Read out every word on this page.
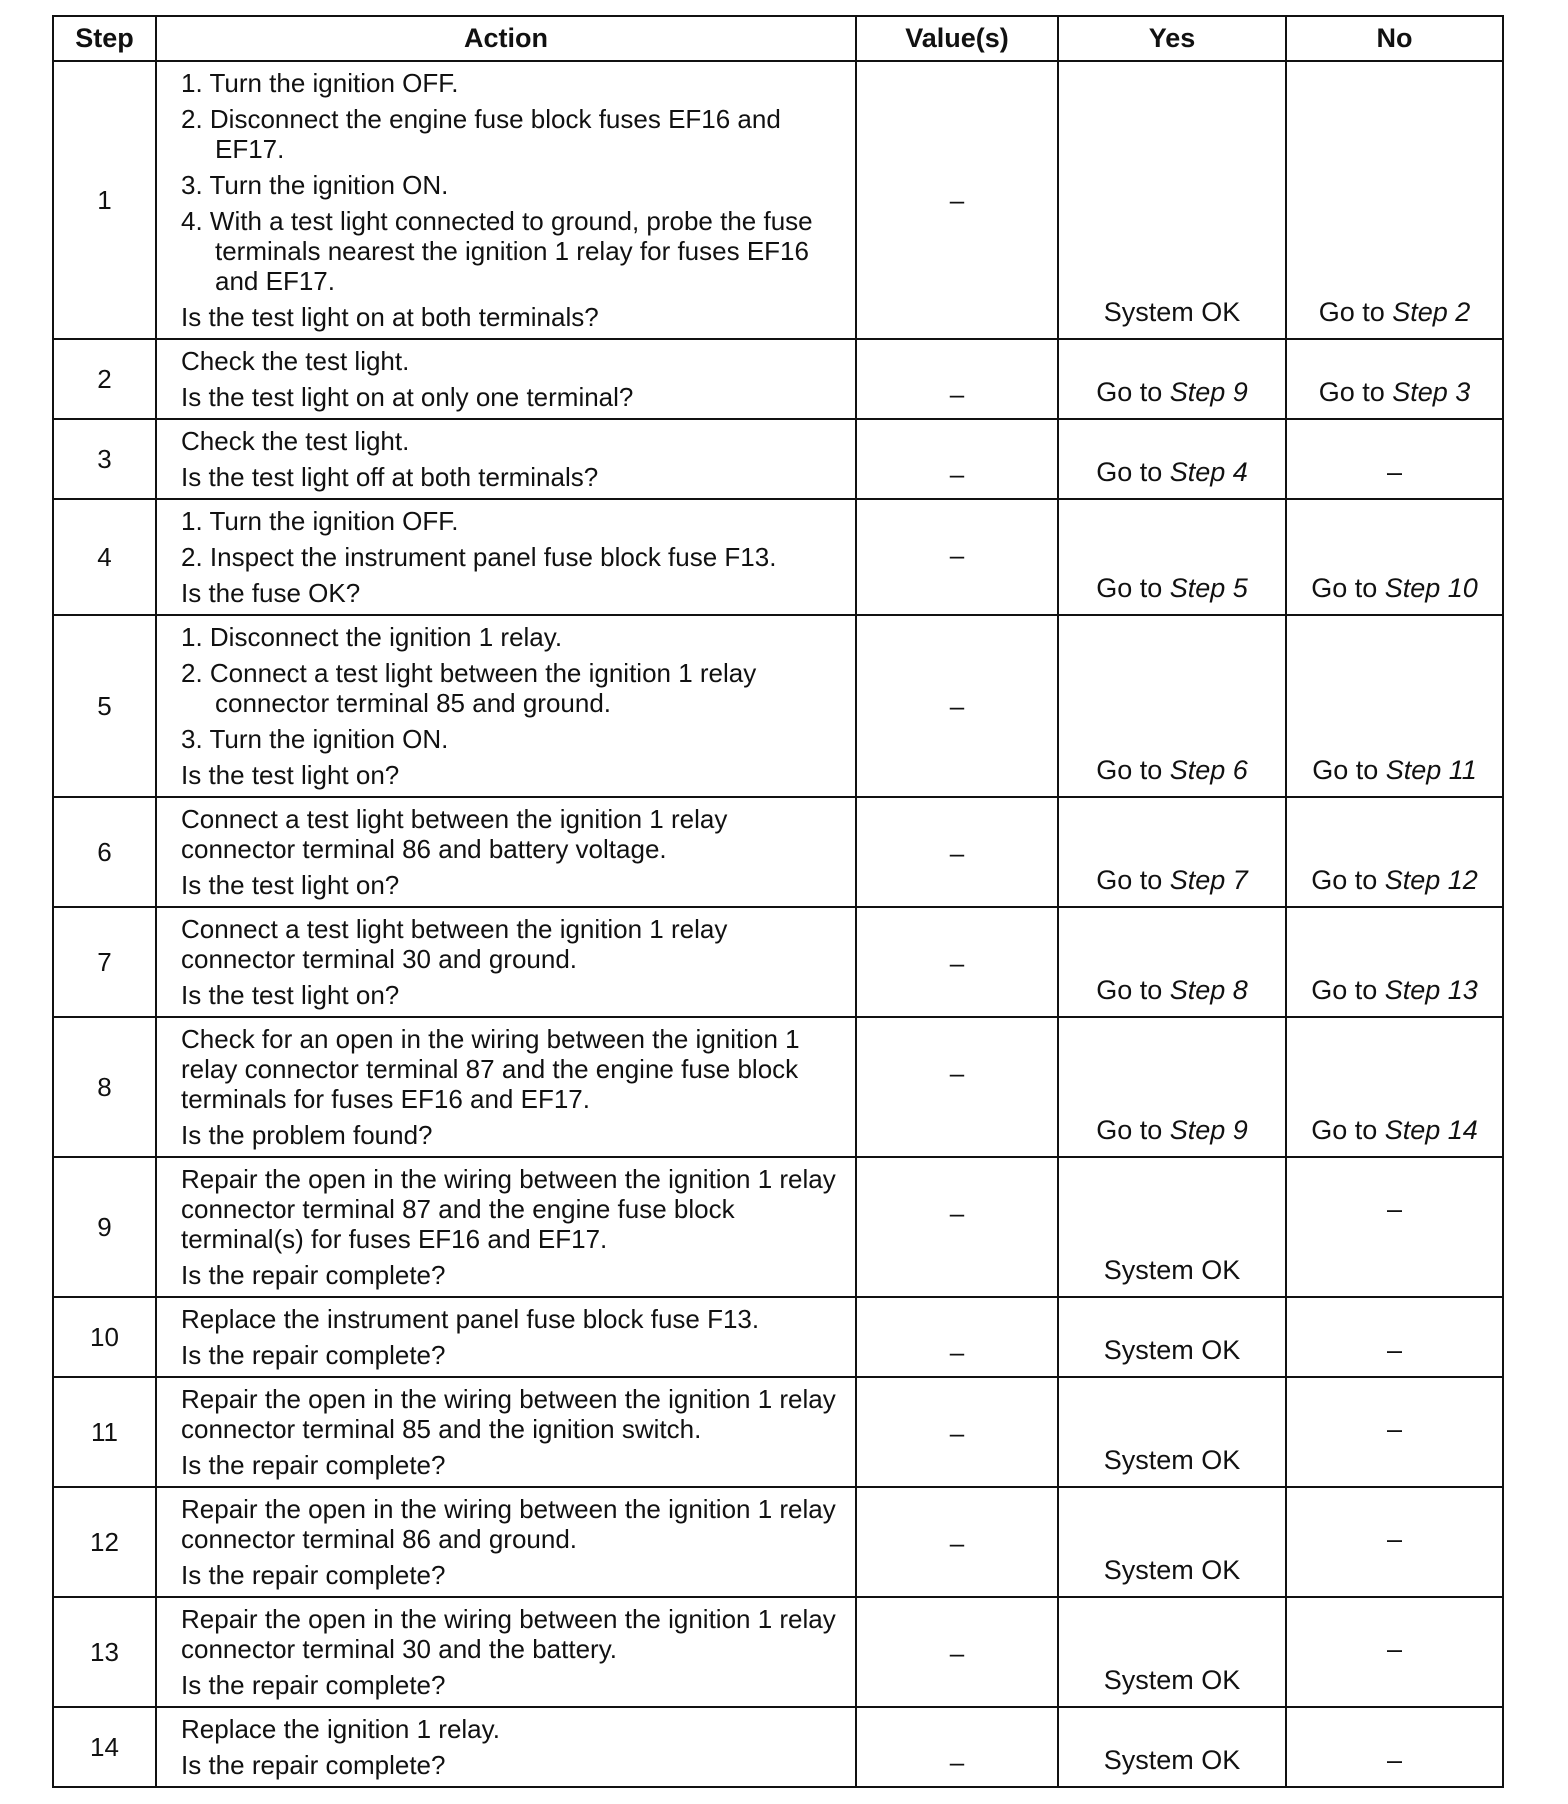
Step	Action	Value(s)	Yes	No
1	1. Turn the ignition OFF.
2. Disconnect the engine fuse block fuses EF16 and EF17.
3. Turn the ignition ON.
4. With a test light connected to ground, probe the fuse terminals nearest the ignition 1 relay for fuses EF16 and EF17.
Is the test light on at both terminals?	–	System OK	Go to Step 2
2	Check the test light.
Is the test light on at only one terminal?	–	Go to Step 9	Go to Step 3
3	Check the test light.
Is the test light off at both terminals?	–	Go to Step 4	–
4	1. Turn the ignition OFF.
2. Inspect the instrument panel fuse block fuse F13.
Is the fuse OK?	–	Go to Step 5	Go to Step 10
5	1. Disconnect the ignition 1 relay.
2. Connect a test light between the ignition 1 relay connector terminal 85 and ground.
3. Turn the ignition ON.
Is the test light on?	–	Go to Step 6	Go to Step 11
6	Connect a test light between the ignition 1 relay connector terminal 86 and battery voltage.
Is the test light on?	–	Go to Step 7	Go to Step 12
7	Connect a test light between the ignition 1 relay connector terminal 30 and ground.
Is the test light on?	–	Go to Step 8	Go to Step 13
8	Check for an open in the wiring between the ignition 1 relay connector terminal 87 and the engine fuse block terminals for fuses EF16 and EF17.
Is the problem found?	–	Go to Step 9	Go to Step 14
9	Repair the open in the wiring between the ignition 1 relay connector terminal 87 and the engine fuse block terminal(s) for fuses EF16 and EF17.
Is the repair complete?	–	System OK	–
10	Replace the instrument panel fuse block fuse F13.
Is the repair complete?	–	System OK	–
11	Repair the open in the wiring between the ignition 1 relay connector terminal 85 and the ignition switch.
Is the repair complete?	–	System OK	–
12	Repair the open in the wiring between the ignition 1 relay connector terminal 86 and ground.
Is the repair complete?	–	System OK	–
13	Repair the open in the wiring between the ignition 1 relay connector terminal 30 and the battery.
Is the repair complete?	–	System OK	–
14	Replace the ignition 1 relay.
Is the repair complete?	–	System OK	–
